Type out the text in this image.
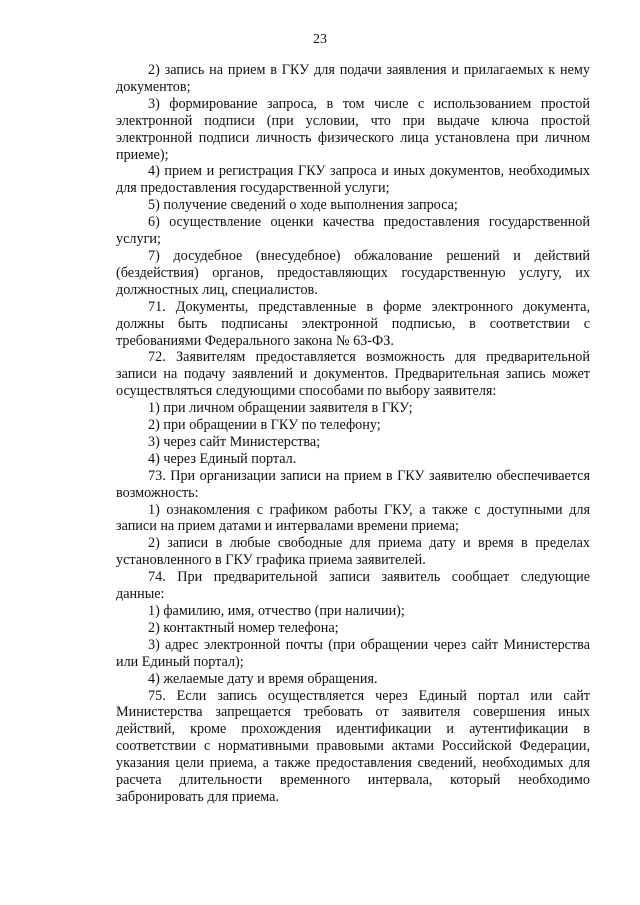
23

2) запись на прием в ГКУ для подачи заявления и прилагаемых к нему документов;

3) формирование запроса, в том числе с использованием простой электронной подписи (при условии, что при выдаче ключа простой электронной подписи личность физического лица установлена при личном приеме);

4) прием и регистрация ГКУ запроса и иных документов, необходимых для предоставления государственной услуги;

5) получение сведений о ходе выполнения запроса;

6) осуществление оценки качества предоставления государственной услуги;

7) досудебное (внесудебное) обжалование решений и действий (бездействия) органов, предоставляющих государственную услугу, их должностных лиц, специалистов.

71. Документы, представленные в форме электронного документа, должны быть подписаны электронной подписью, в соответствии с требованиями Федерального закона № 63-ФЗ.

72. Заявителям предоставляется возможность для предварительной записи на подачу заявлений и документов. Предварительная запись может осуществляться следующими способами по выбору заявителя:

1) при личном обращении заявителя в ГКУ;

2) при обращении в ГКУ по телефону;

3) через сайт Министерства;

4) через Единый портал.

73. При организации записи на прием в ГКУ заявителю обеспечивается возможность:

1) ознакомления с графиком работы ГКУ, а также с доступными для записи на прием датами и интервалами времени приема;

2) записи в любые свободные для приема дату и время в пределах установленного в ГКУ графика приема заявителей.

74. При предварительной записи заявитель сообщает следующие данные:

1) фамилию, имя, отчество (при наличии);

2) контактный номер телефона;

3) адрес электронной почты (при обращении через сайт Министерства или Единый портал);

4) желаемые дату и время обращения.

75. Если запись осуществляется через Единый портал или сайт Министерства запрещается требовать от заявителя совершения иных действий, кроме прохождения идентификации и аутентификации в соответствии с нормативными правовыми актами Российской Федерации, указания цели приема, а также предоставления сведений, необходимых для расчета длительности временного интервала, который необходимо забронировать для приема.
